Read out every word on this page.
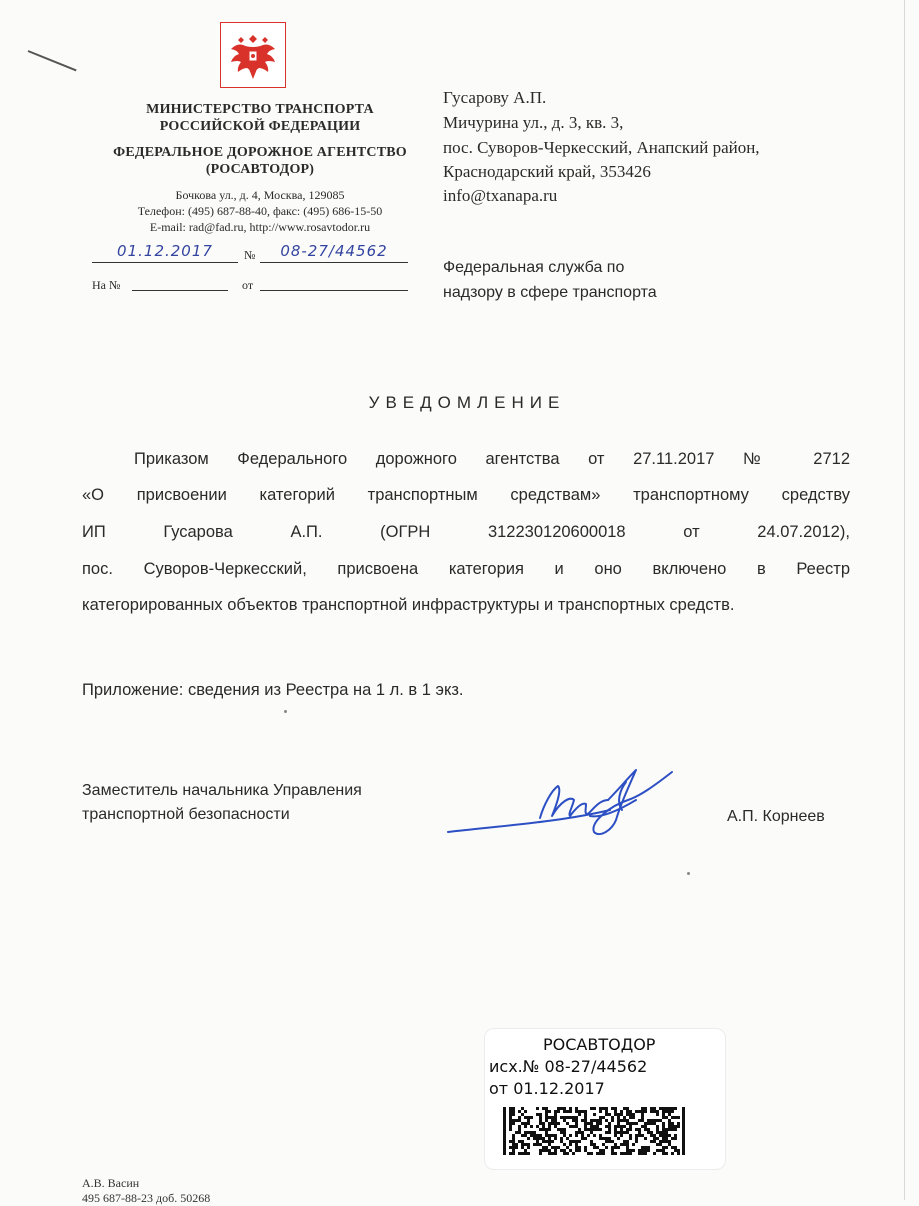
МИНИСТЕРСТВО ТРАНСПОРТА
РОССИЙСКОЙ ФЕДЕРАЦИИ
ФЕДЕРАЛЬНОЕ ДОРОЖНОЕ АГЕНТСТВО
(РОСАВТОДОР)
Бочкова ул., д. 4, Москва, 129085
Телефон: (495) 687-88-40, факс: (495) 686-15-50
E-mail: rad@fad.ru, http://www.rosavtodor.ru
01.12.2017	№	08-27/44562
На №	от
Гусарову А.П.
Мичурина ул., д. 3, кв. 3,
пос. Суворов-Черкесский, Анапский район,
Краснодарский край, 353426
info@txanapa.ru
Федеральная служба по
надзору в сфере транспорта
УВЕДОМЛЕНИЕ
Приказом Федерального дорожного агентства от 27.11.2017 № 2712
«О присвоении категорий транспортным средствам» транспортному средству
ИП	Гусарова	А.П.	(ОГРН	312230120600018	от	24.07.2012),
пос. Суворов-Черкесский, присвоена категория и оно включено в Реестр
категорированных объектов транспортной инфраструктуры и транспортных средств.
Приложение: сведения из Реестра на 1 л. в 1 экз.
Заместитель начальника Управления
транспортной безопасности	А.П. Корнеев
РОСАВТОДОР
исх.№ 08-27/44562
от 01.12.2017
А.В. Васин
495 687-88-23 доб. 50268
